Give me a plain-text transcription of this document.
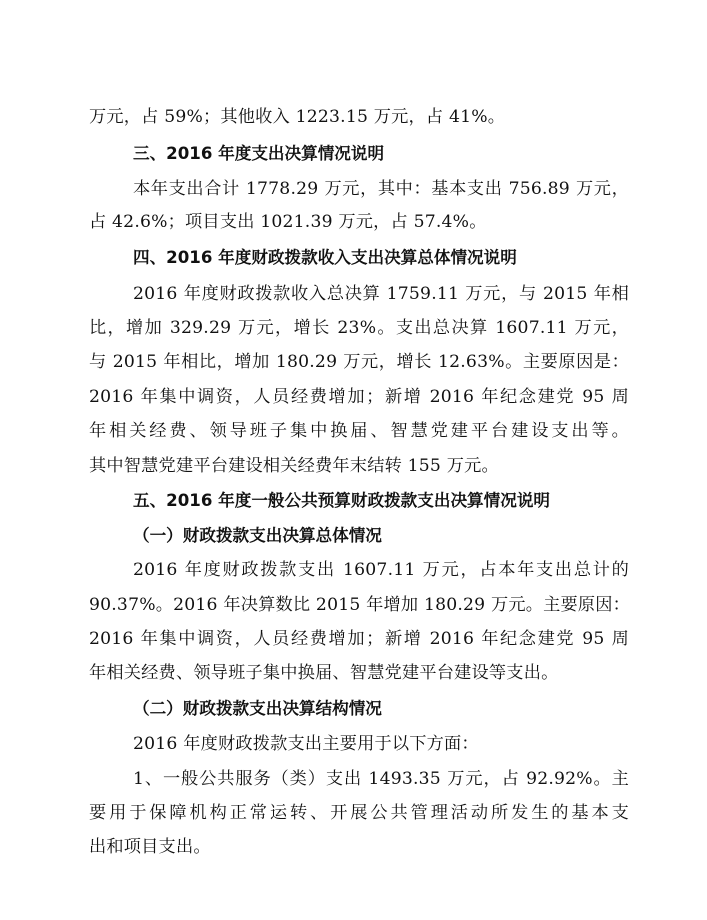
万元，占 59%；其他收入 1223.15 万元，占 41%。
三、2016 年度支出决算情况说明
本年支出合计 1778.29 万元，其中：基本支出 756.89 万元，
占 42.6%；项目支出 1021.39 万元，占 57.4%。
四、2016 年度财政拨款收入支出决算总体情况说明
2016 年度财政拨款收入总决算 1759.11 万元，与 2015 年相
比，增加 329.29 万元，增长 23%。支出总决算 1607.11 万元，
与 2015 年相比，增加 180.29 万元，增长 12.63%。主要原因是：
2016 年集中调资，人员经费增加；新增 2016 年纪念建党 95 周
年相关经费、领导班子集中换届、智慧党建平台建设支出等。
其中智慧党建平台建设相关经费年末结转 155 万元。
五、2016 年度一般公共预算财政拨款支出决算情况说明
（一）财政拨款支出决算总体情况
2016 年度财政拨款支出 1607.11 万元，占本年支出总计的
90.37%。2016 年决算数比 2015 年增加 180.29 万元。主要原因：
2016 年集中调资，人员经费增加；新增 2016 年纪念建党 95 周
年相关经费、领导班子集中换届、智慧党建平台建设等支出。
（二）财政拨款支出决算结构情况
2016 年度财政拨款支出主要用于以下方面：
1、一般公共服务（类）支出 1493.35 万元，占 92.92%。主
要用于保障机构正常运转、开展公共管理活动所发生的基本支
出和项目支出。
